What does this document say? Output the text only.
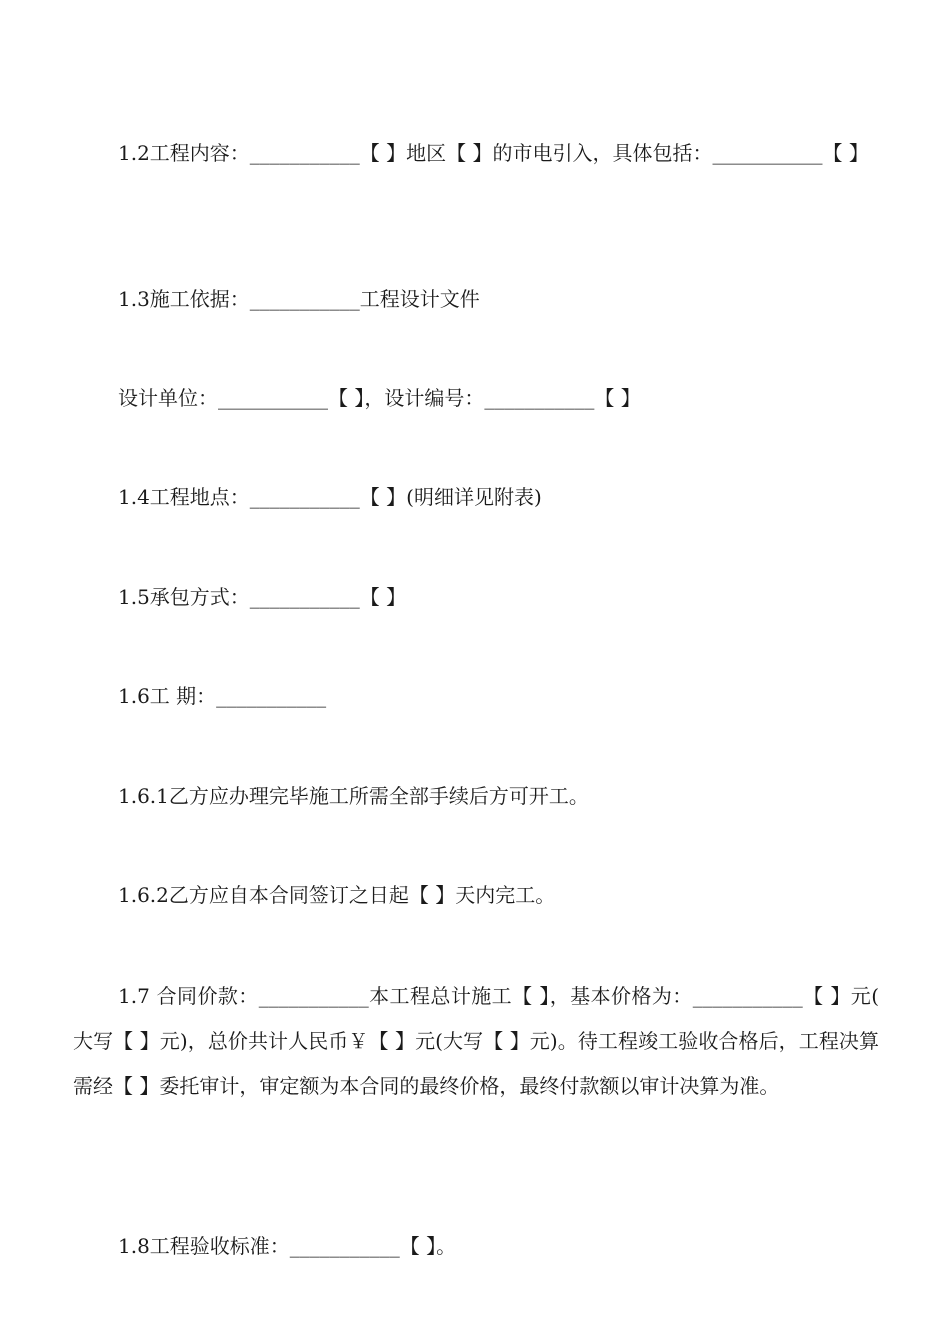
1.2工程内容：___________【 】地区【 】的市电引入，具体包括：___________【 】

1.3施工依据：___________工程设计文件

设计单位：___________【 】，设计编号：___________【 】

1.4工程地点：___________【 】(明细详见附表)

1.5承包方式：___________【 】

1.6工 期：___________

1.6.1乙方应办理完毕施工所需全部手续后方可开工。

1.6.2乙方应自本合同签订之日起【 】天内完工。

1.7 合同价款：___________本工程总计施工【 】，基本价格为：___________【 】元(大写【 】元)，总价共计人民币￥【 】元(大写【 】元)。待工程竣工验收合格后，工程决算需经【 】委托审计，审定额为本合同的最终价格，最终付款额以审计决算为准。

1.8工程验收标准：___________【 】。
